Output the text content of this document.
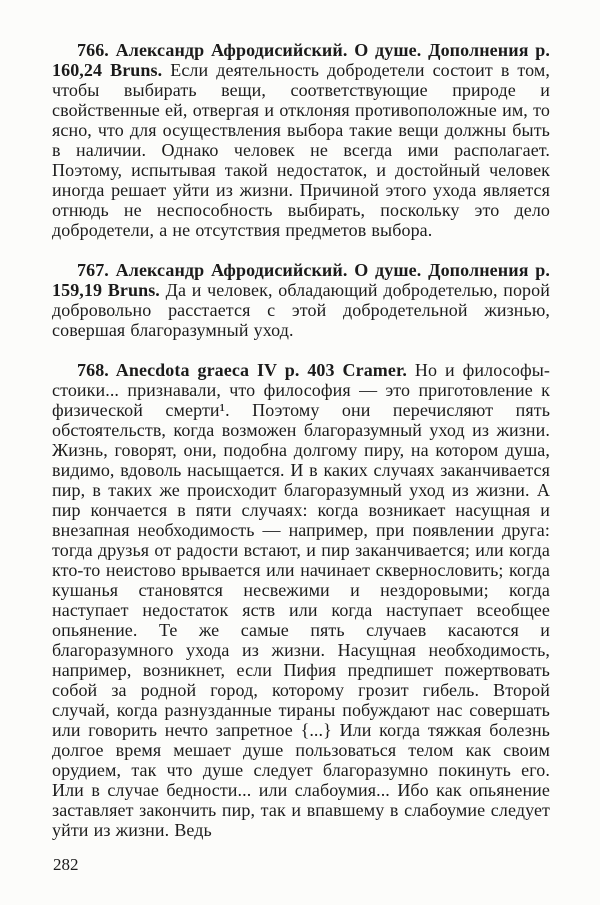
766. Александр Афродисийский. О душе. Дополнения p. 160,24 Bruns. Если деятельность добродетели состоит в том, чтобы выбирать вещи, соответствующие природе и свойственные ей, отвергая и отклоняя противоположные им, то ясно, что для осуществления выбора такие вещи должны быть в наличии. Однако человек не всегда ими располагает. Поэтому, испытывая такой недостаток, и достойный человек иногда решает уйти из жизни. Причиной этого ухода является отнюдь не неспособность выбирать, поскольку это дело добродетели, а не отсутствия предметов выбора.

767. Александр Афродисийский. О душе. Дополнения p. 159,19 Bruns. Да и человек, обладающий добродетелью, порой добровольно расстается с этой добродетельной жизнью, совершая благоразумный уход.

768. Anecdota graeca IV p. 403 Cramer. Но и философы-стоики... признавали, что философия — это приготовление к физической смерти¹. Поэтому они перечисляют пять обстоятельств, когда возможен благоразумный уход из жизни. Жизнь, говорят, они, подобна долгому пиру, на котором душа, видимо, вдоволь насыщается. И в каких случаях заканчивается пир, в таких же происходит благоразумный уход из жизни. А пир кончается в пяти случаях: когда возникает насущная и внезапная необходимость — например, при появлении друга: тогда друзья от радости встают, и пир заканчивается; или когда кто-то неистово врывается или начинает сквернословить; когда кушанья становятся несвежими и нездоровыми; когда наступает недостаток яств или когда наступает всеобщее опьянение. Те же самые пять случаев касаются и благоразумного ухода из жизни. Насущная необходимость, например, возникнет, если Пифия предпишет пожертвовать собой за родной город, которому грозит гибель. Второй случай, когда разнузданные тираны побуждают нас совершать или говорить нечто запретное {...} Или когда тяжкая болезнь долгое время мешает душе пользоваться телом как своим орудием, так что душе следует благоразумно покинуть его. Или в случае бедности... или слабоумия... Ибо как опьянение заставляет закончить пир, так и впавшему в слабоумие следует уйти из жизни. Ведь

282
